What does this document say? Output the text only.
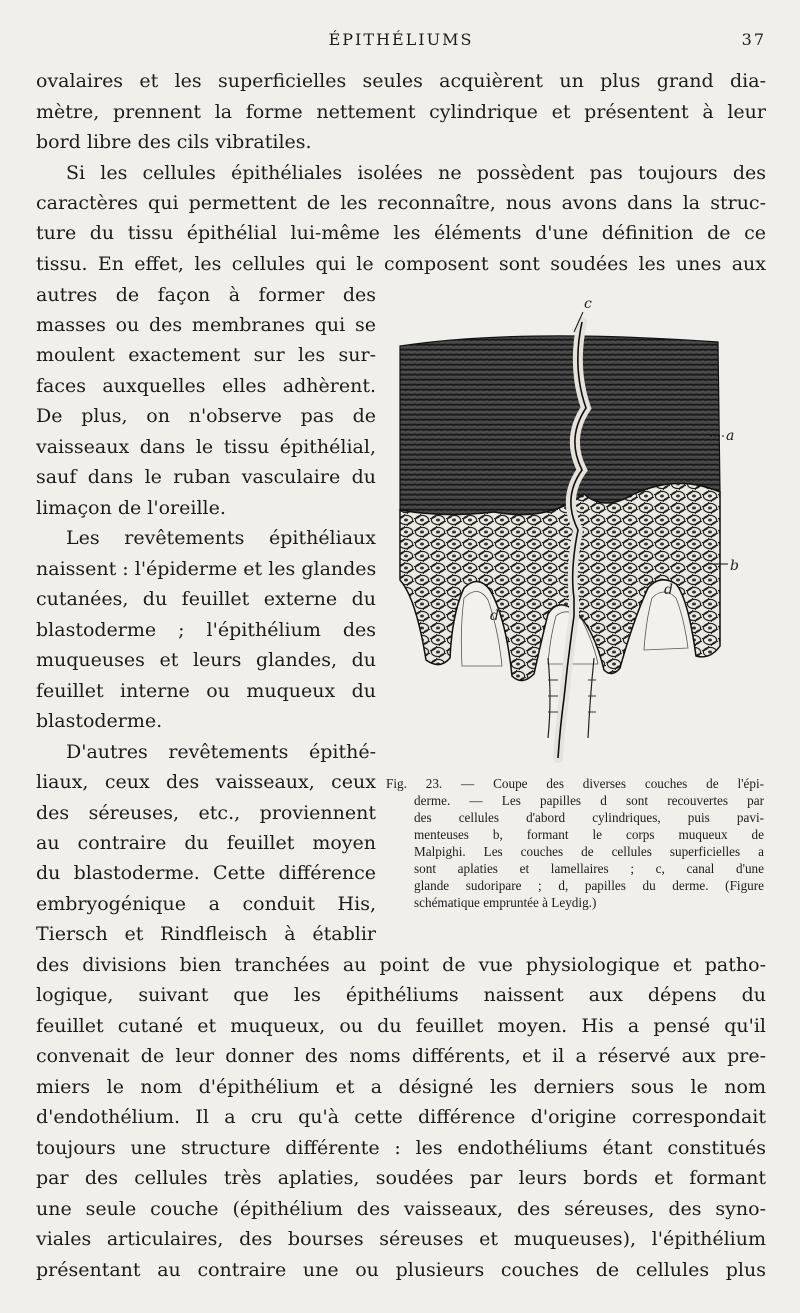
ÉPITHÉLIUMS	37
ovalaires et les superficielles seules acquièrent un plus grand dia-
mètre, prennent la forme nettement cylindrique et présentent à leur
bord libre des cils vibratiles.
Si les cellules épithéliales isolées ne possèdent pas toujours des
caractères qui permettent de les reconnaître, nous avons dans la struc-
ture du tissu épithélial lui-même les éléments d'une définition de ce
tissu. En effet, les cellules qui le composent sont soudées les unes aux
autres de façon à former des
masses ou des membranes qui se
moulent exactement sur les sur-
faces auxquelles elles adhèrent.
De plus, on n'observe pas de
vaisseaux dans le tissu épithélial,
sauf dans le ruban vasculaire du
limaçon de l'oreille.
Les revêtements épithéliaux
naissent : l'épiderme et les glandes
cutanées, du feuillet externe du
blastoderme ; l'épithélium des
muqueuses et leurs glandes, du
feuillet interne ou muqueux du
blastoderme.
D'autres revêtements épithé-
liaux, ceux des vaisseaux, ceux
des séreuses, etc., proviennent
au contraire du feuillet moyen
du blastoderme. Cette différence
embryogénique a conduit His,
Tiersch et Rindfleisch à établir
des divisions bien tranchées au point de vue physiologique et patho-
logique, suivant que les épithéliums naissent aux dépens du
feuillet cutané et muqueux, ou du feuillet moyen. His a pensé qu'il
convenait de leur donner des noms différents, et il a réservé aux pre-
miers le nom d'épithélium et a désigné les derniers sous le nom
d'endothélium. Il a cru qu'à cette différence d'origine correspondait
toujours une structure différente : les endothéliums étant constitués
par des cellules très aplaties, soudées par leurs bords et formant
une seule couche (épithélium des vaisseaux, des séreuses, des syno-
viales articulaires, des bourses séreuses et muqueuses), l'épithélium
présentant au contraire une ou plusieurs couches de cellules plus
c
a
b
d
d
Fig. 23. — Coupe des diverses couches de l'épi-
derme. — Les papilles d sont recouvertes par
des cellules d'abord cylindriques, puis pavi-
menteuses b, formant le corps muqueux de
Malpighi. Les couches de cellules superficielles a
sont aplaties et lamellaires ; c, canal d'une
glande sudoripare ; d, papilles du derme. (Figure
schématique empruntée à Leydig.)
